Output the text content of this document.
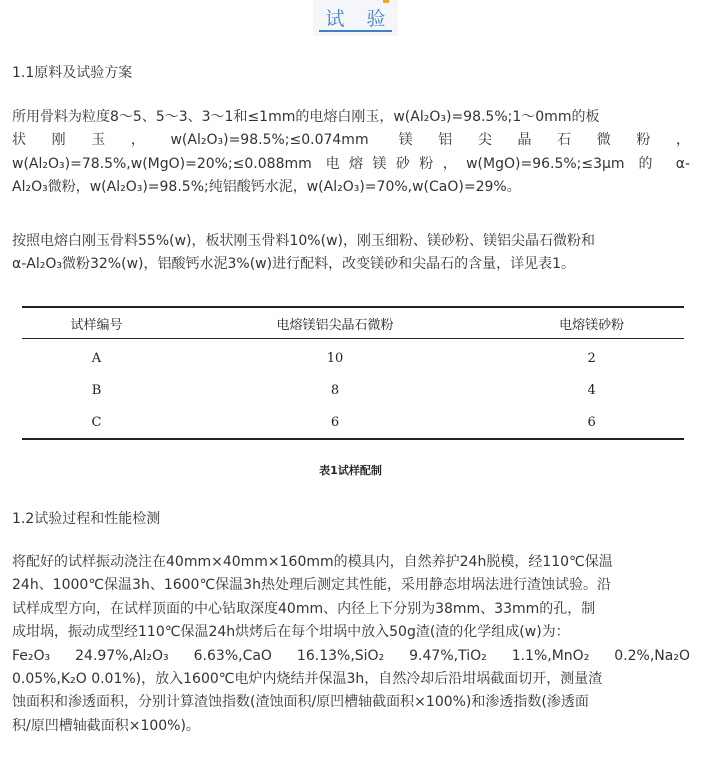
试 验
1.1原料及试验方案
所用骨料为粒度8～5、5～3、3～1和≤1mm的电熔白刚玉，w(Al₂O₃)=98.5%;1～0mm的板
状刚玉，w(Al₂O₃)=98.5%;≤0.074mm 镁铝尖晶石微粉，
w(Al₂O₃)=78.5%,w(MgO)=20%;≤0.088mm 电熔镁砂粉，w(MgO)=96.5%;≤3μm 的 α-
Al₂O₃微粉，w(Al₂O₃)=98.5%;纯铝酸钙水泥，w(Al₂O₃)=70%,w(CaO)=29%。
按照电熔白刚玉骨料55%(w)，板状刚玉骨料10%(w)，刚玉细粉、镁砂粉、镁铝尖晶石微粉和
α-Al₂O₃微粉32%(w)，铝酸钙水泥3%(w)进行配料，改变镁砂和尖晶石的含量，详见表1。
试样编号	电熔镁铝尖晶石微粉	电熔镁砂粉
A	10	2
B	8	4
C	6	6
表1试样配制
1.2试验过程和性能检测
将配好的试样振动浇注在40mm×40mm×160mm的模具内，自然养护24h脱模，经110℃保温
24h、1000℃保温3h、1600℃保温3h热处理后测定其性能，采用静态坩埚法进行渣蚀试验。沿
试样成型方向，在试样顶面的中心钻取深度40mm、内径上下分别为38mm、33mm的孔，制
成坩埚，振动成型经110℃保温24h烘烤后在每个坩埚中放入50g渣(渣的化学组成(w)为：
Fe₂O₃ 24.97%,Al₂O₃ 6.63%,CaO 16.13%,SiO₂ 9.47%,TiO₂ 1.1%,MnO₂ 0.2%,Na₂O
0.05%,K₂O 0.01%)，放入1600℃电炉内烧结并保温3h，自然冷却后沿坩埚截面切开，测量渣
蚀面积和渗透面积，分别计算渣蚀指数(渣蚀面积/原凹槽轴截面积×100%)和渗透指数(渗透面
积/原凹槽轴截面积×100%)。
